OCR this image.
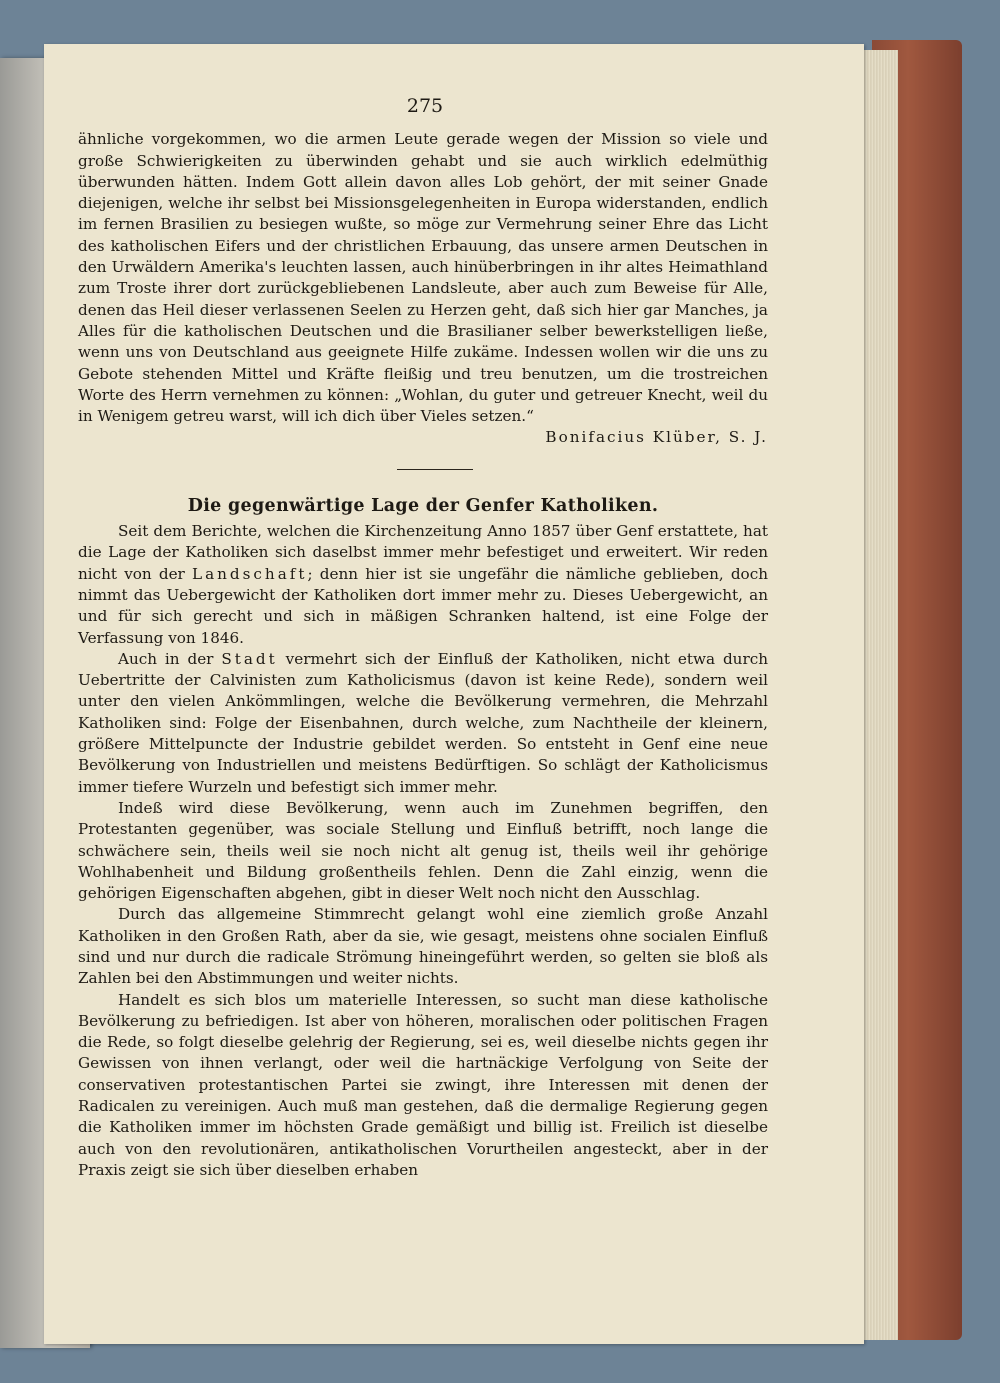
275

ähnliche vorgekommen, wo die armen Leute gerade wegen der Mission so viele und große Schwierigkeiten zu überwinden gehabt und sie auch wirklich edelmüthig überwunden hätten. Indem Gott allein davon alles Lob gehört, der mit seiner Gnade diejenigen, welche ihr selbst bei Missionsgelegenheiten in Europa widerstanden, endlich im fernen Brasilien zu besiegen wußte, so möge zur Vermehrung seiner Ehre das Licht des katholischen Eifers und der christlichen Erbauung, das unsere armen Deutschen in den Urwäldern Amerika's leuchten lassen, auch hinüberbringen in ihr altes Heimathland zum Troste ihrer dort zurückgebliebenen Landsleute, aber auch zum Beweise für Alle, denen das Heil dieser verlassenen Seelen zu Herzen geht, daß sich hier gar Manches, ja Alles für die katholischen Deutschen und die Brasilianer selber bewerkstelligen ließe, wenn uns von Deutschland aus geeignete Hilfe zukäme. Indessen wollen wir die uns zu Gebote stehenden Mittel und Kräfte fleißig und treu benutzen, um die trostreichen Worte des Herrn vernehmen zu können: „Wohlan, du guter und getreuer Knecht, weil du in Wenigem getreu warst, will ich dich über Vieles setzen.“

Bonifacius Klüber, S. J.

Die gegenwärtige Lage der Genfer Katholiken.

Seit dem Berichte, welchen die Kirchenzeitung Anno 1857 über Genf erstattete, hat die Lage der Katholiken sich daselbst immer mehr befestiget und erweitert. Wir reden nicht von der Landschaft; denn hier ist sie ungefähr die nämliche geblieben, doch nimmt das Uebergewicht der Katholiken dort immer mehr zu. Dieses Uebergewicht, an und für sich gerecht und sich in mäßigen Schranken haltend, ist eine Folge der Verfassung von 1846.

Auch in der Stadt vermehrt sich der Einfluß der Katholiken, nicht etwa durch Uebertritte der Calvinisten zum Katholicismus (davon ist keine Rede), sondern weil unter den vielen Ankömmlingen, welche die Bevölkerung vermehren, die Mehrzahl Katholiken sind: Folge der Eisenbahnen, durch welche, zum Nachtheile der kleinern, größere Mittelpuncte der Industrie gebildet werden. So entsteht in Genf eine neue Bevölkerung von Industriellen und meistens Bedürftigen. So schlägt der Katholicismus immer tiefere Wurzeln und befestigt sich immer mehr.

Indeß wird diese Bevölkerung, wenn auch im Zunehmen begriffen, den Protestanten gegenüber, was sociale Stellung und Einfluß betrifft, noch lange die schwächere sein, theils weil sie noch nicht alt genug ist, theils weil ihr gehörige Wohlhabenheit und Bildung großentheils fehlen. Denn die Zahl einzig, wenn die gehörigen Eigenschaften abgehen, gibt in dieser Welt noch nicht den Ausschlag.

Durch das allgemeine Stimmrecht gelangt wohl eine ziemlich große Anzahl Katholiken in den Großen Rath, aber da sie, wie gesagt, meistens ohne socialen Einfluß sind und nur durch die radicale Strömung hineingeführt werden, so gelten sie bloß als Zahlen bei den Abstimmungen und weiter nichts.

Handelt es sich blos um materielle Interessen, so sucht man diese katholische Bevölkerung zu befriedigen. Ist aber von höheren, moralischen oder politischen Fragen die Rede, so folgt dieselbe gelehrig der Regierung, sei es, weil dieselbe nichts gegen ihr Gewissen von ihnen verlangt, oder weil die hartnäckige Verfolgung von Seite der conservativen protestantischen Partei sie zwingt, ihre Interessen mit denen der Radicalen zu vereinigen. Auch muß man gestehen, daß die dermalige Regierung gegen die Katholiken immer im höchsten Grade gemäßigt und billig ist. Freilich ist dieselbe auch von den revolutionären, antikatholischen Vorurtheilen angesteckt, aber in der Praxis zeigt sie sich über dieselben erhaben
